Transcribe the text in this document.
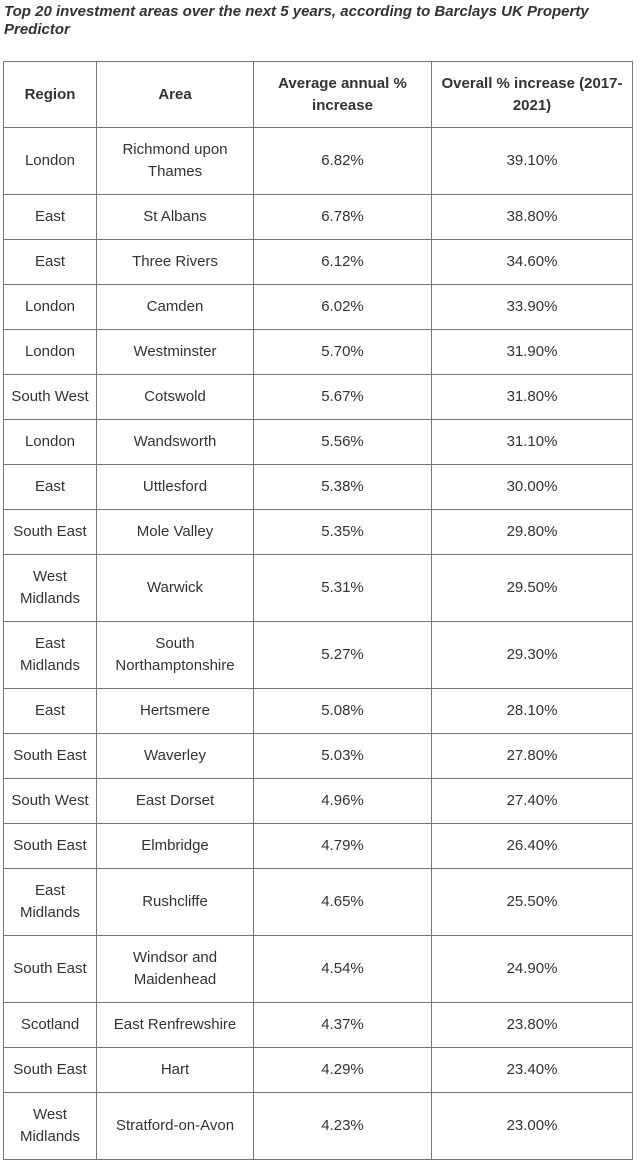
Top 20 investment areas over the next 5 years, according to Barclays UK Property Predictor
Region	Area	Average annual % increase	Overall % increase (2017-2021)
London	Richmond upon Thames	6.82%	39.10%
East	St Albans	6.78%	38.80%
East	Three Rivers	6.12%	34.60%
London	Camden	6.02%	33.90%
London	Westminster	5.70%	31.90%
South West	Cotswold	5.67%	31.80%
London	Wandsworth	5.56%	31.10%
East	Uttlesford	5.38%	30.00%
South East	Mole Valley	5.35%	29.80%
West Midlands	Warwick	5.31%	29.50%
East Midlands	South Northamptonshire	5.27%	29.30%
East	Hertsmere	5.08%	28.10%
South East	Waverley	5.03%	27.80%
South West	East Dorset	4.96%	27.40%
South East	Elmbridge	4.79%	26.40%
East Midlands	Rushcliffe	4.65%	25.50%
South East	Windsor and Maidenhead	4.54%	24.90%
Scotland	East Renfrewshire	4.37%	23.80%
South East	Hart	4.29%	23.40%
West Midlands	Stratford-on-Avon	4.23%	23.00%
